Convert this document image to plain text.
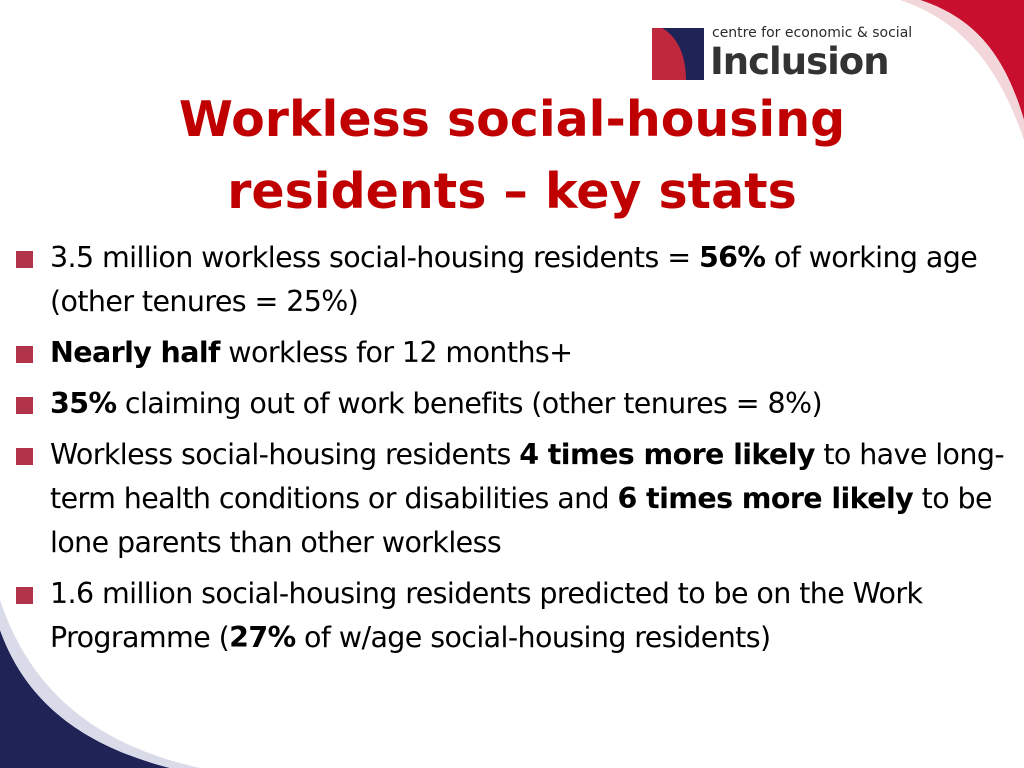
centre for economic & social
Inclusion
Workless social-housing
residents – key stats
3.5 million workless social-housing residents = 56% of working age (other tenures = 25%)
Nearly half workless for 12 months+
35% claiming out of work benefits (other tenures = 8%)
Workless social-housing residents 4 times more likely to have long-term health conditions or disabilities and 6 times more likely to be lone parents than other workless
1.6 million social-housing residents predicted to be on the Work Programme (27% of w/age social-housing residents)
